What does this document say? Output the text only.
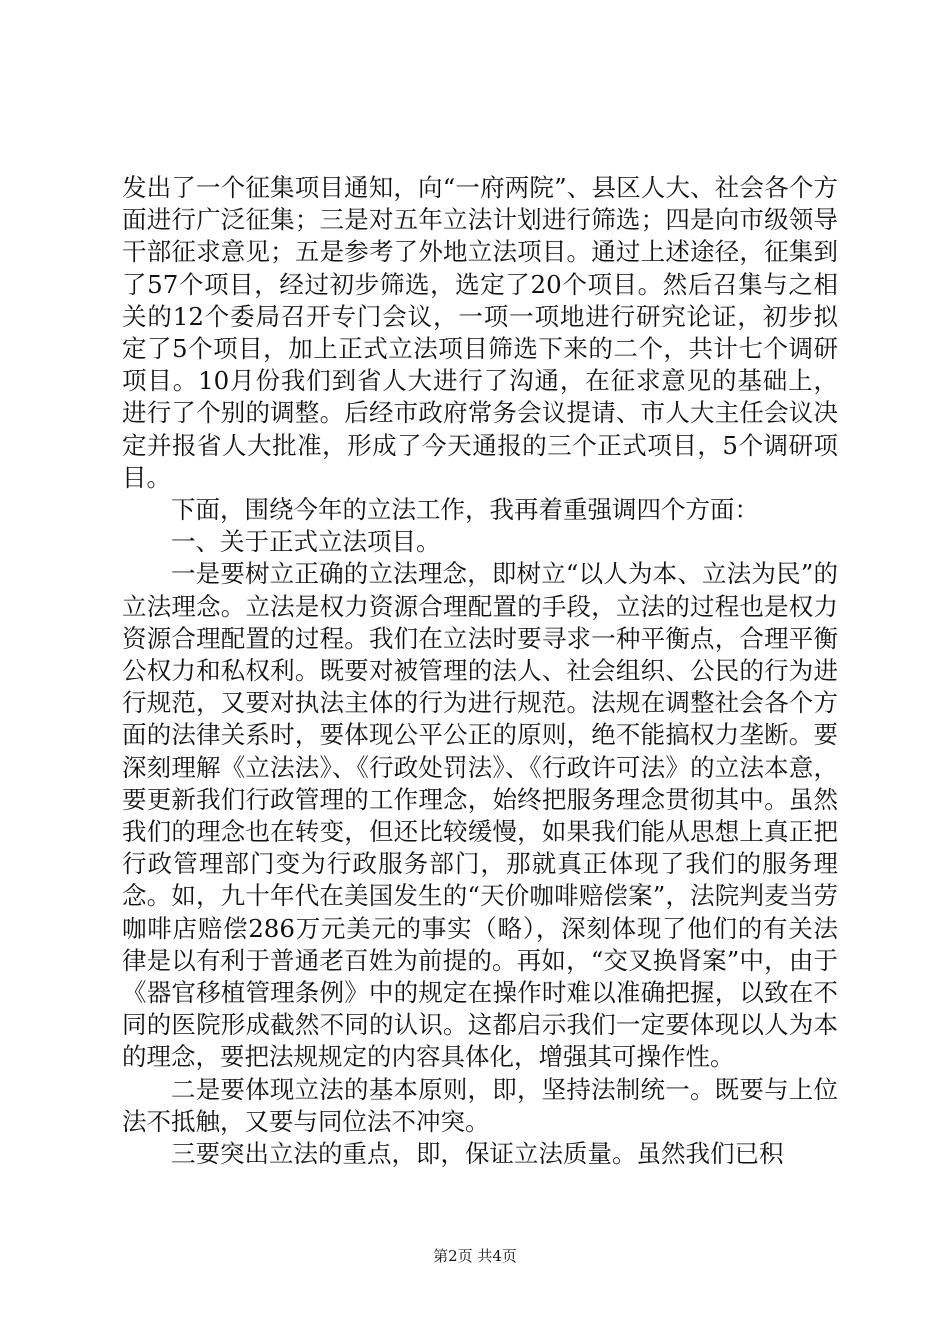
发出了一个征集项目通知，向“一府两院”、县区人大、社会各个方面进行广泛征集；三是对五年立法计划进行筛选；四是向市级领导干部征求意见；五是参考了外地立法项目。通过上述途径，征集到了57个项目，经过初步筛选，选定了20个项目。然后召集与之相关的12个委局召开专门会议，一项一项地进行研究论证，初步拟定了5个项目，加上正式立法项目筛选下来的二个，共计七个调研项目。10月份我们到省人大进行了沟通，在征求意见的基础上，进行了个别的调整。后经市政府常务会议提请、市人大主任会议决定并报省人大批准，形成了今天通报的三个正式项目，5个调研项目。

下面，围绕今年的立法工作，我再着重强调四个方面：

一、关于正式立法项目。

一是要树立正确的立法理念，即树立“以人为本、立法为民”的立法理念。立法是权力资源合理配置的手段，立法的过程也是权力资源合理配置的过程。我们在立法时要寻求一种平衡点，合理平衡公权力和私权利。既要对被管理的法人、社会组织、公民的行为进行规范，又要对执法主体的行为进行规范。法规在调整社会各个方面的法律关系时，要体现公平公正的原则，绝不能搞权力垄断。要深刻理解《立法法》、《行政处罚法》、《行政许可法》的立法本意，要更新我们行政管理的工作理念，始终把服务理念贯彻其中。虽然我们的理念也在转变，但还比较缓慢，如果我们能从思想上真正把行政管理部门变为行政服务部门，那就真正体现了我们的服务理念。如，九十年代在美国发生的“天价咖啡赔偿案”，法院判麦当劳咖啡店赔偿286万元美元的事实（略），深刻体现了他们的有关法律是以有利于普通老百姓为前提的。再如，“交叉换肾案”中，由于《器官移植管理条例》中的规定在操作时难以准确把握，以致在不同的医院形成截然不同的认识。这都启示我们一定要体现以人为本的理念，要把法规规定的内容具体化，增强其可操作性。

二是要体现立法的基本原则，即，坚持法制统一。既要与上位法不抵触，又要与同位法不冲突。

三要突出立法的重点，即，保证立法质量。虽然我们已积

第2页 共4页
